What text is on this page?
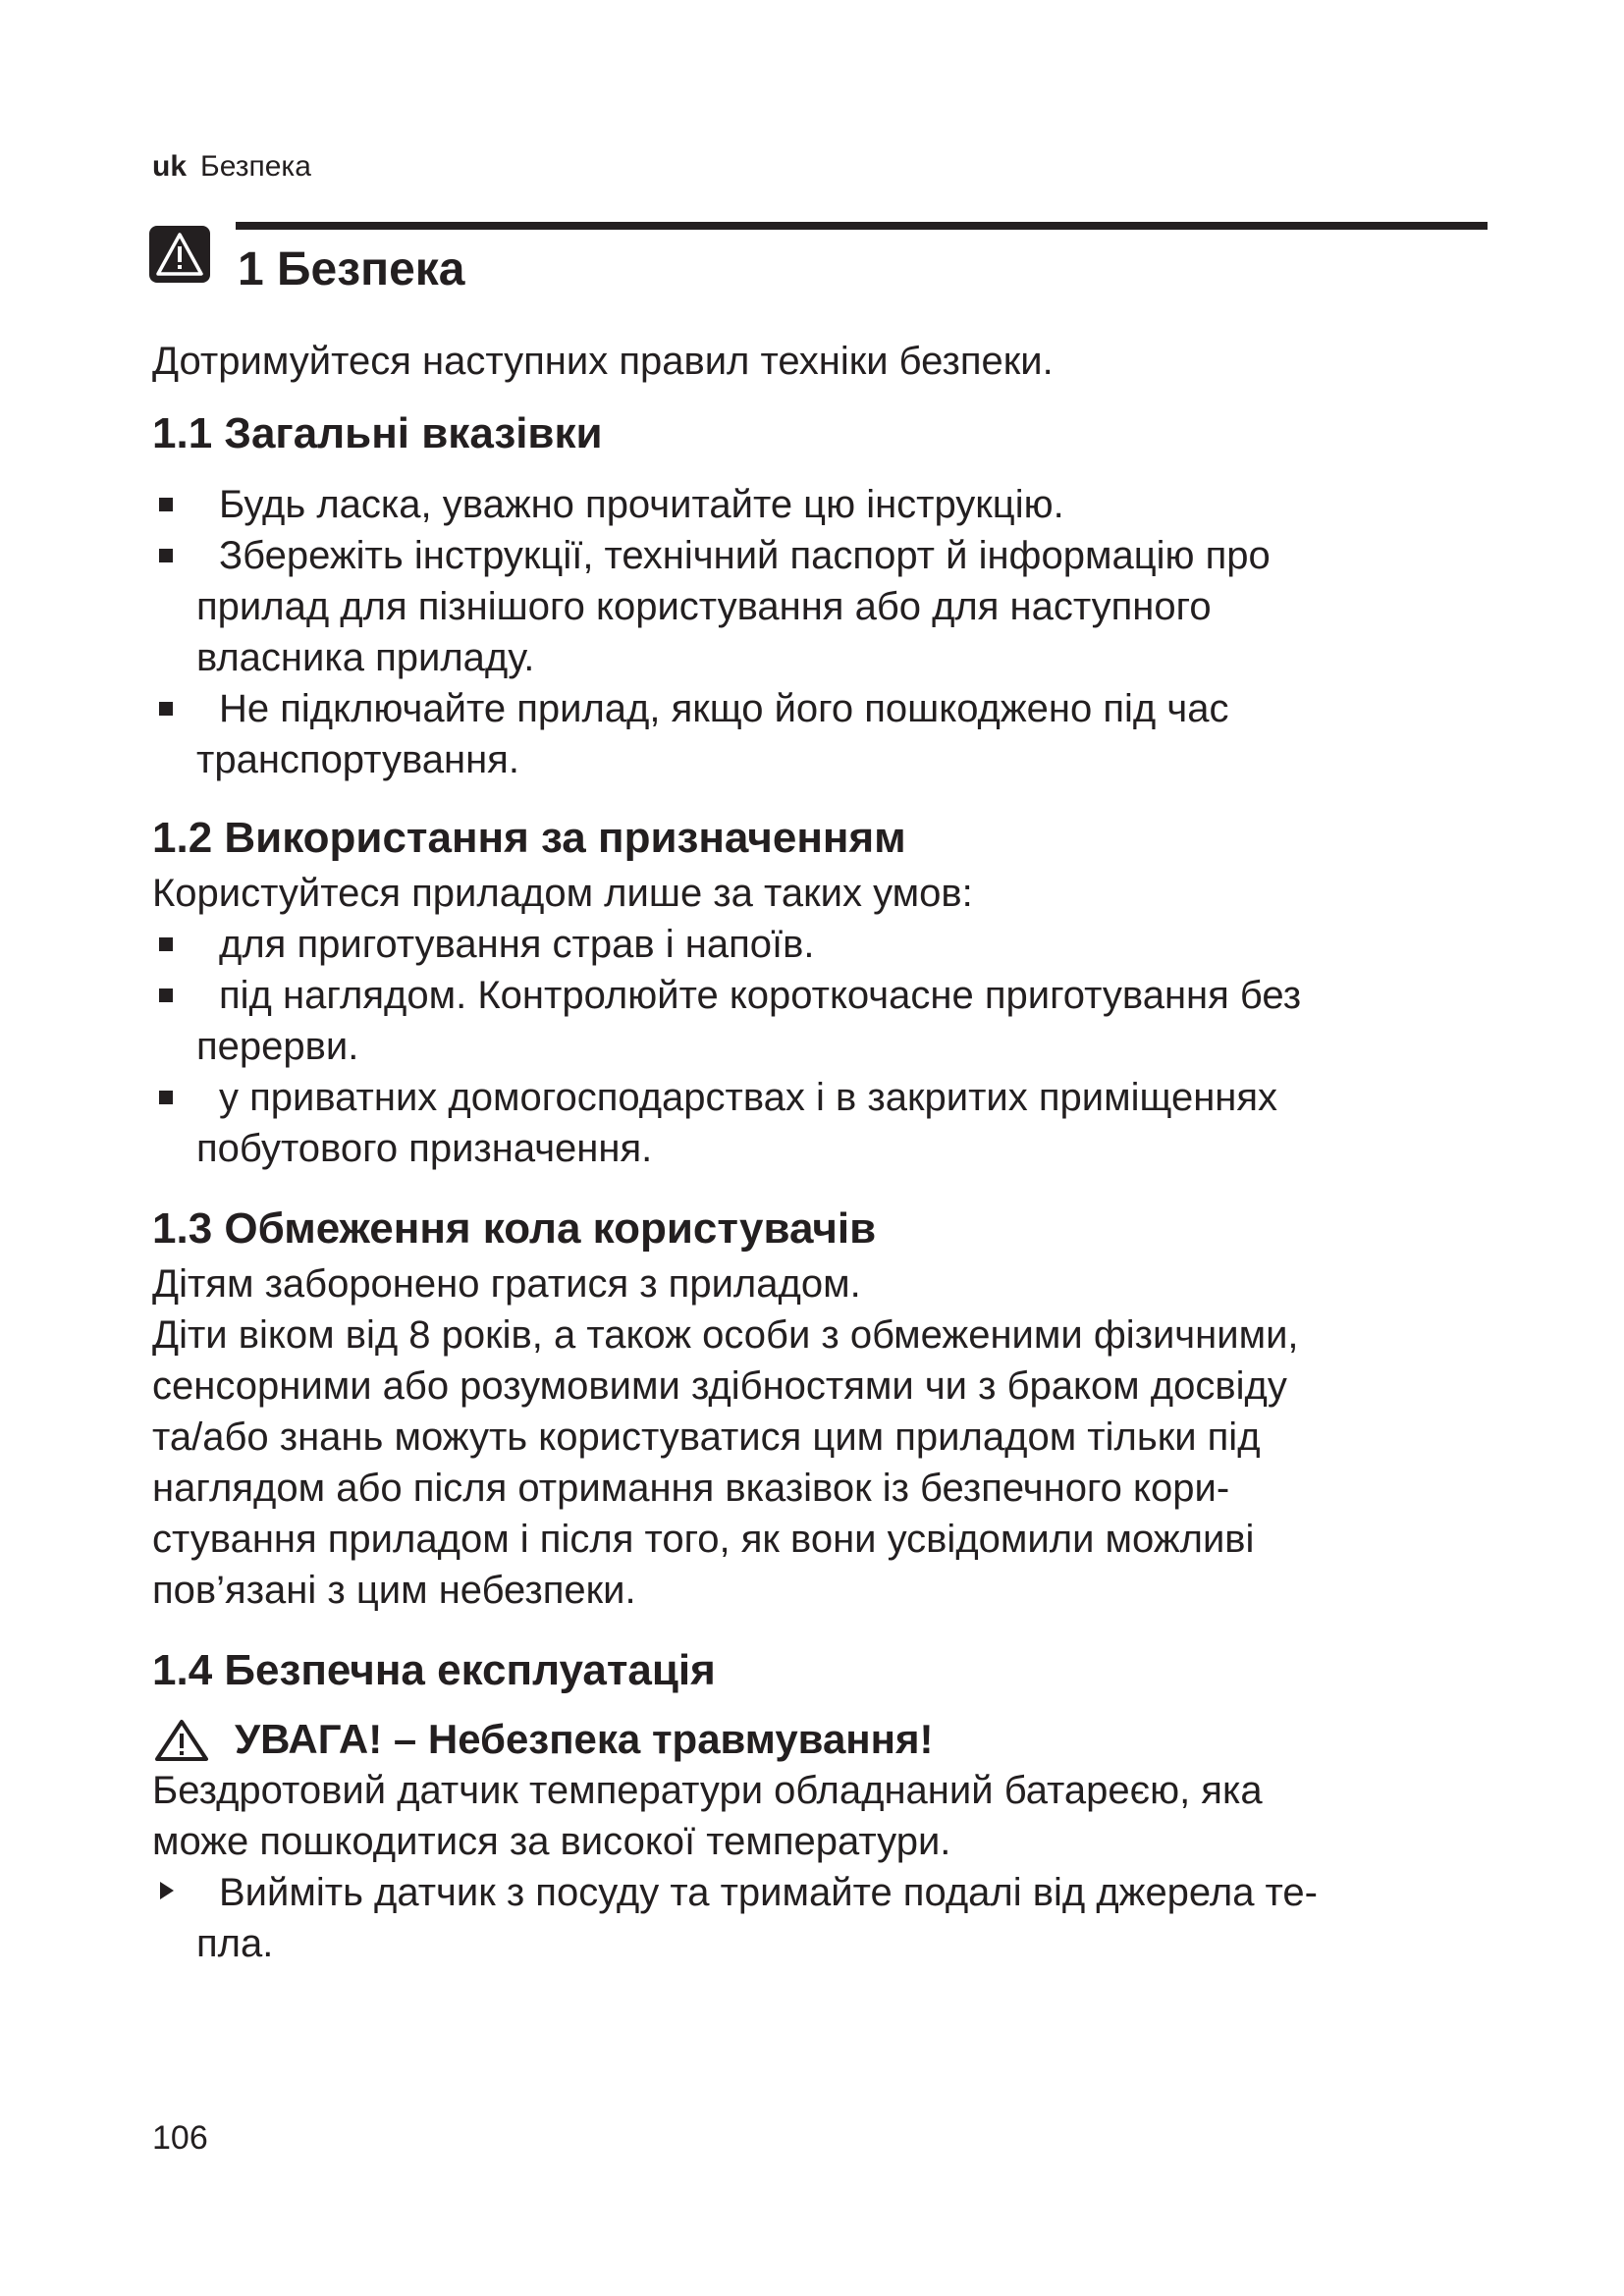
uk Безпека
1 Безпека

Дотримуйтеся наступних правил техніки безпеки.

1.1 Загальні вказівки
Будь ласка, уважно прочитайте цю інструкцію.
Збережіть інструкції, технічний паспорт й інформацію про
прилад для пізнішого користування або для наступного
власника приладу.
Не підключайте прилад, якщо його пошкоджено під час
транспортування.
1.2 Використання за призначенням

Користуйтеся приладом лише за таких умов:

для приготування страв і напоїв.
під наглядом. Контролюйте короткочасне приготування без
перерви.
у приватних домогосподарствах і в закритих приміщеннях
побутового призначення.
1.3 Обмеження кола користувачів

Дітям заборонено гратися з приладом.

Діти віком від 8 років, а також особи з обмеженими фізичними,
сенсорними або розумовими здібностями чи з браком досвіду
та/або знань можуть користуватися цим приладом тільки під
наглядом або після отримання вказівок із безпечного кори-
стування приладом і після того, як вони усвідомили можливі
пов’язані з цим небезпеки.
1.4 Безпечна експлуатація
УВАГА! – Небезпека травмування!
Бездротовий датчик температури обладнаний батареєю, яка
може пошкодитися за високої температури.
Вийміть датчик з посуду та тримайте подалі від джерела те-
пла.
106
